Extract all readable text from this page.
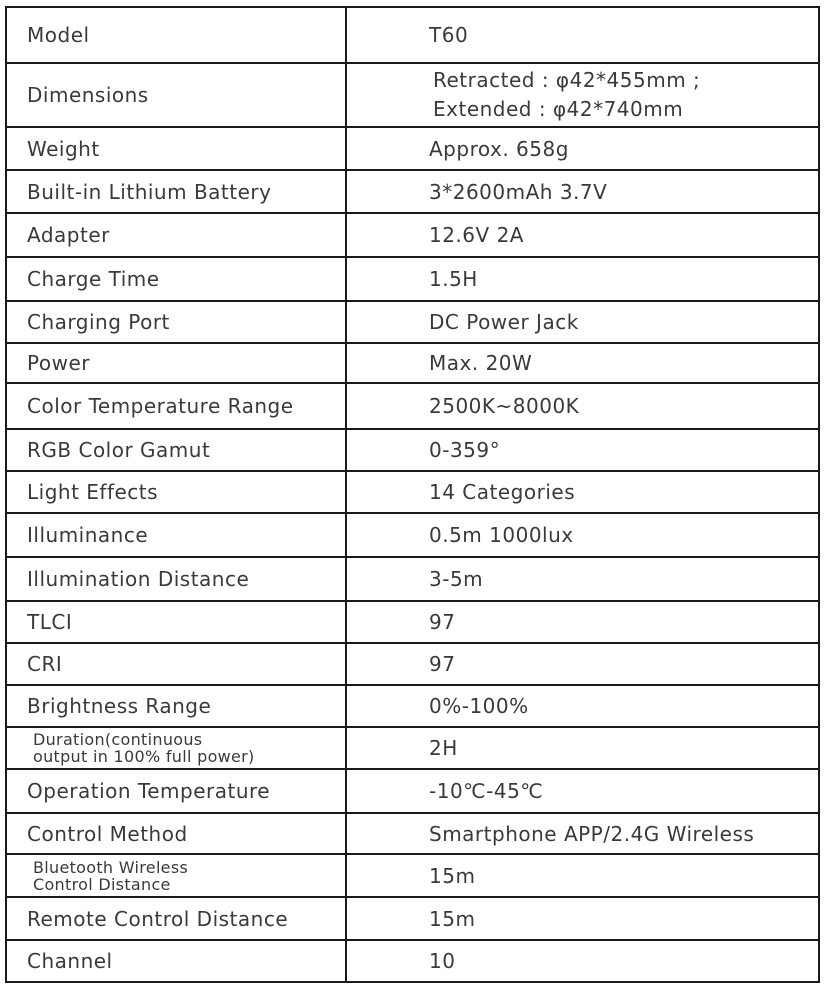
Model	T60
Dimensions	Retracted : φ42*455mm ;
Extended : φ42*740mm

Weight	Approx. 658g
Built-in Lithium Battery	3*2600mAh 3.7V
Adapter	12.6V 2A
Charge Time	1.5H
Charging Port	DC Power Jack
Power	Max. 20W
Color Temperature Range	2500K~8000K
RGB Color Gamut	0-359°
Light Effects	14 Categories
Illuminance	0.5m 1000lux
Illumination Distance	3-5m
TLCI	97
CRI	97
Brightness Range	0%-100%

Duration(continuous
output in 100% full power)	2H
Operation Temperature	-10℃-45℃
Control Method	Smartphone APP/2.4G Wireless

Bluetooth Wireless
Control Distance	15m
Remote Control Distance	15m
Channel	10
